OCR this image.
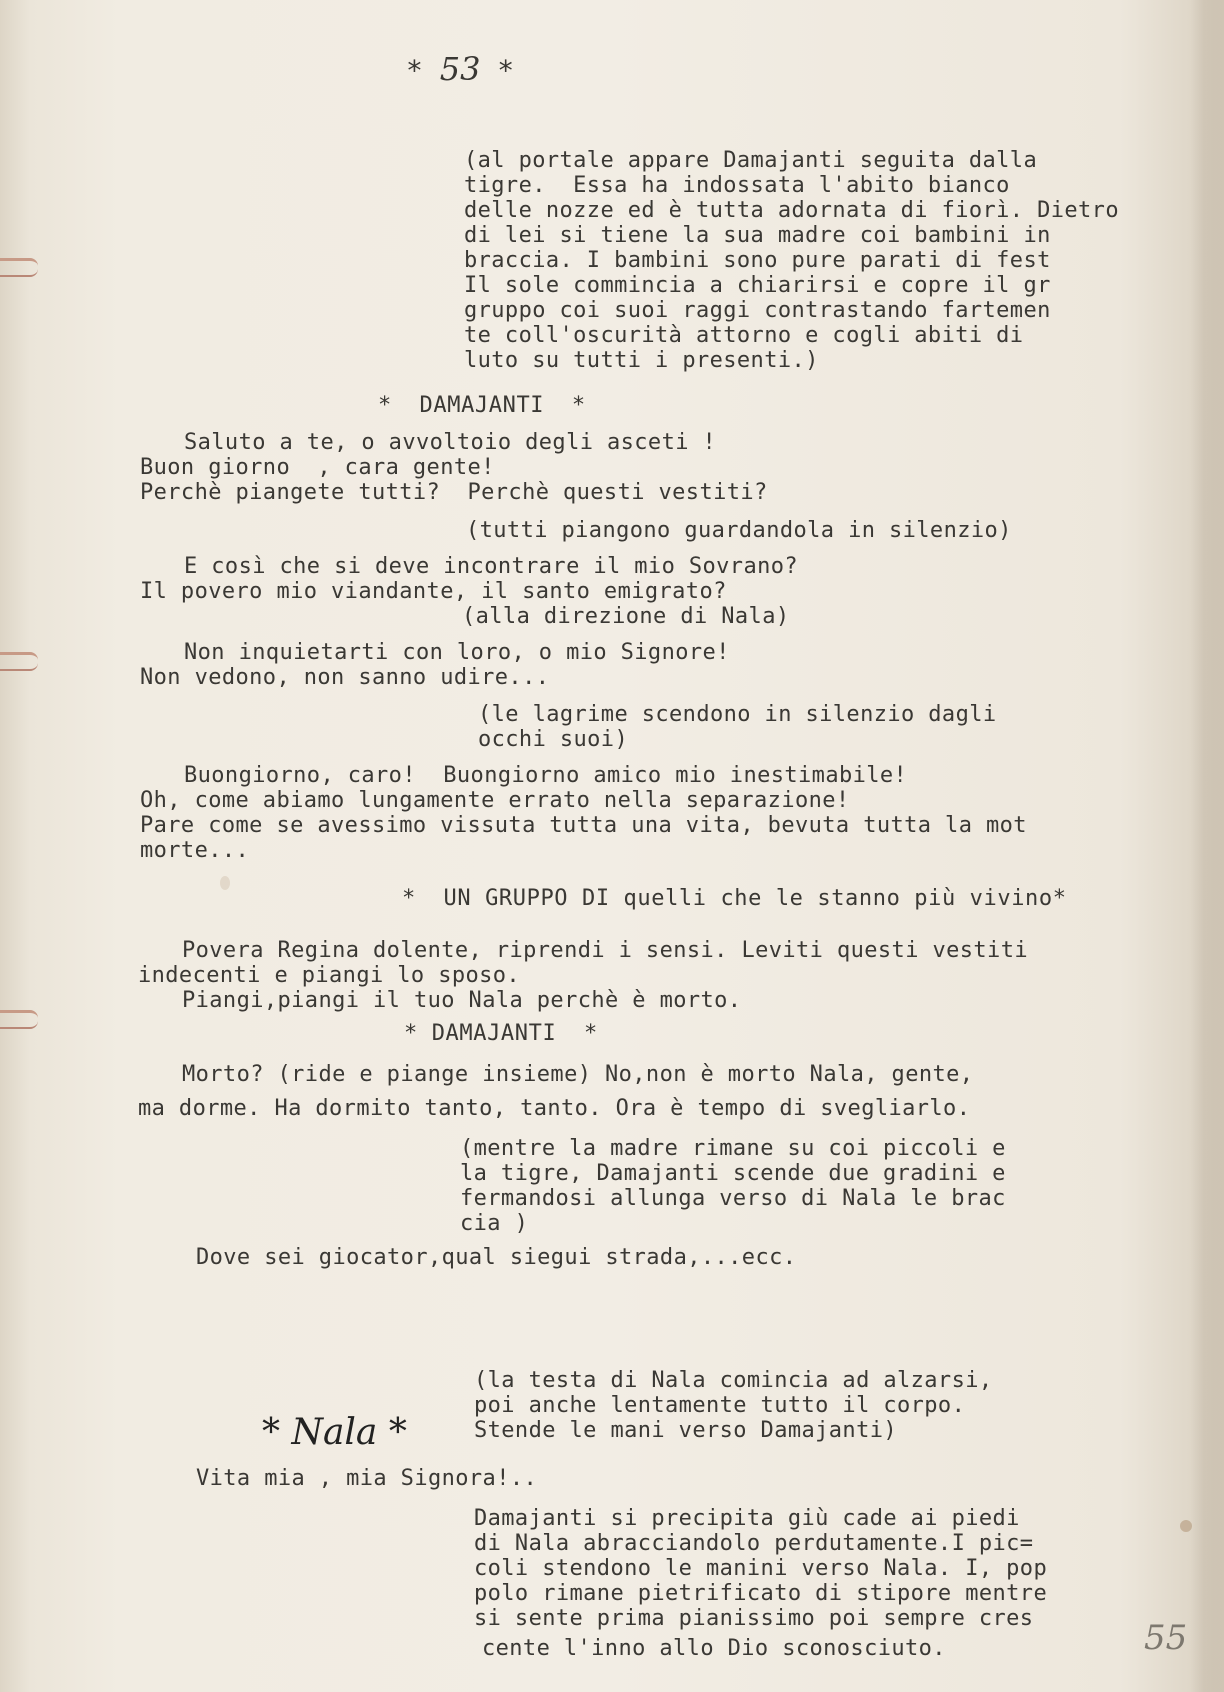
* 53 *
(al portale appare Damajanti seguita dalla
tigre.  Essa ha indossata l'abito bianco
delle nozze ed è tutta adornata di fiorì. Dietro
di lei si tiene la sua madre coi bambini in
braccia. I bambini sono pure parati di fest
Il sole commincia a chiarirsi e copre il gr
gruppo coi suoi raggi contrastando fartemen
te coll'oscurità attorno e cogli abiti di
luto su tutti i presenti.)
*  DAMAJANTI  *
Saluto a te, o avvoltoio degli asceti !
Buon giorno  , cara gente!
Perchè piangete tutti?  Perchè questi vestiti?
(tutti piangono guardandola in silenzio)
E così che si deve incontrare il mio Sovrano?
Il povero mio viandante, il santo emigrato?
(alla direzione di Nala)
Non inquietarti con loro, o mio Signore!
Non vedono, non sanno udire...
(le lagrime scendono in silenzio dagli
occhi suoi)
Buongiorno, caro!  Buongiorno amico mio inestimabile!
Oh, come abiamo lungamente errato nella separazione!
Pare come se avessimo vissuta tutta una vita, bevuta tutta la mot
morte...
*  UN GRUPPO DI quelli che le stanno più vivino*
Povera Regina dolente, riprendi i sensi. Leviti questi vestiti
indecenti e piangi lo sposo.
Piangi,piangi il tuo Nala perchè è morto.
* DAMAJANTI  *
Morto? (ride e piange insieme) No,non è morto Nala, gente,
ma dorme. Ha dormito tanto, tanto. Ora è tempo di svegliarlo.
(mentre la madre rimane su coi piccoli e
la tigre, Damajanti scende due gradini e
fermandosi allunga verso di Nala le brac
cia )
Dove sei giocator,qual siegui strada,...ecc.
(la testa di Nala comincia ad alzarsi,
poi anche lentamente tutto il corpo.
Stende le mani verso Damajanti)
* Nala *
Vita mia , mia Signora!..
Damajanti si precipita giù cade ai piedi
di Nala abracciandolo perdutamente.I pic=
coli stendono le manini verso Nala. I, pop
polo rimane pietrificato di stipore mentre
si sente prima pianissimo poi sempre cres
cente l'inno allo Dio sconosciuto.	55
